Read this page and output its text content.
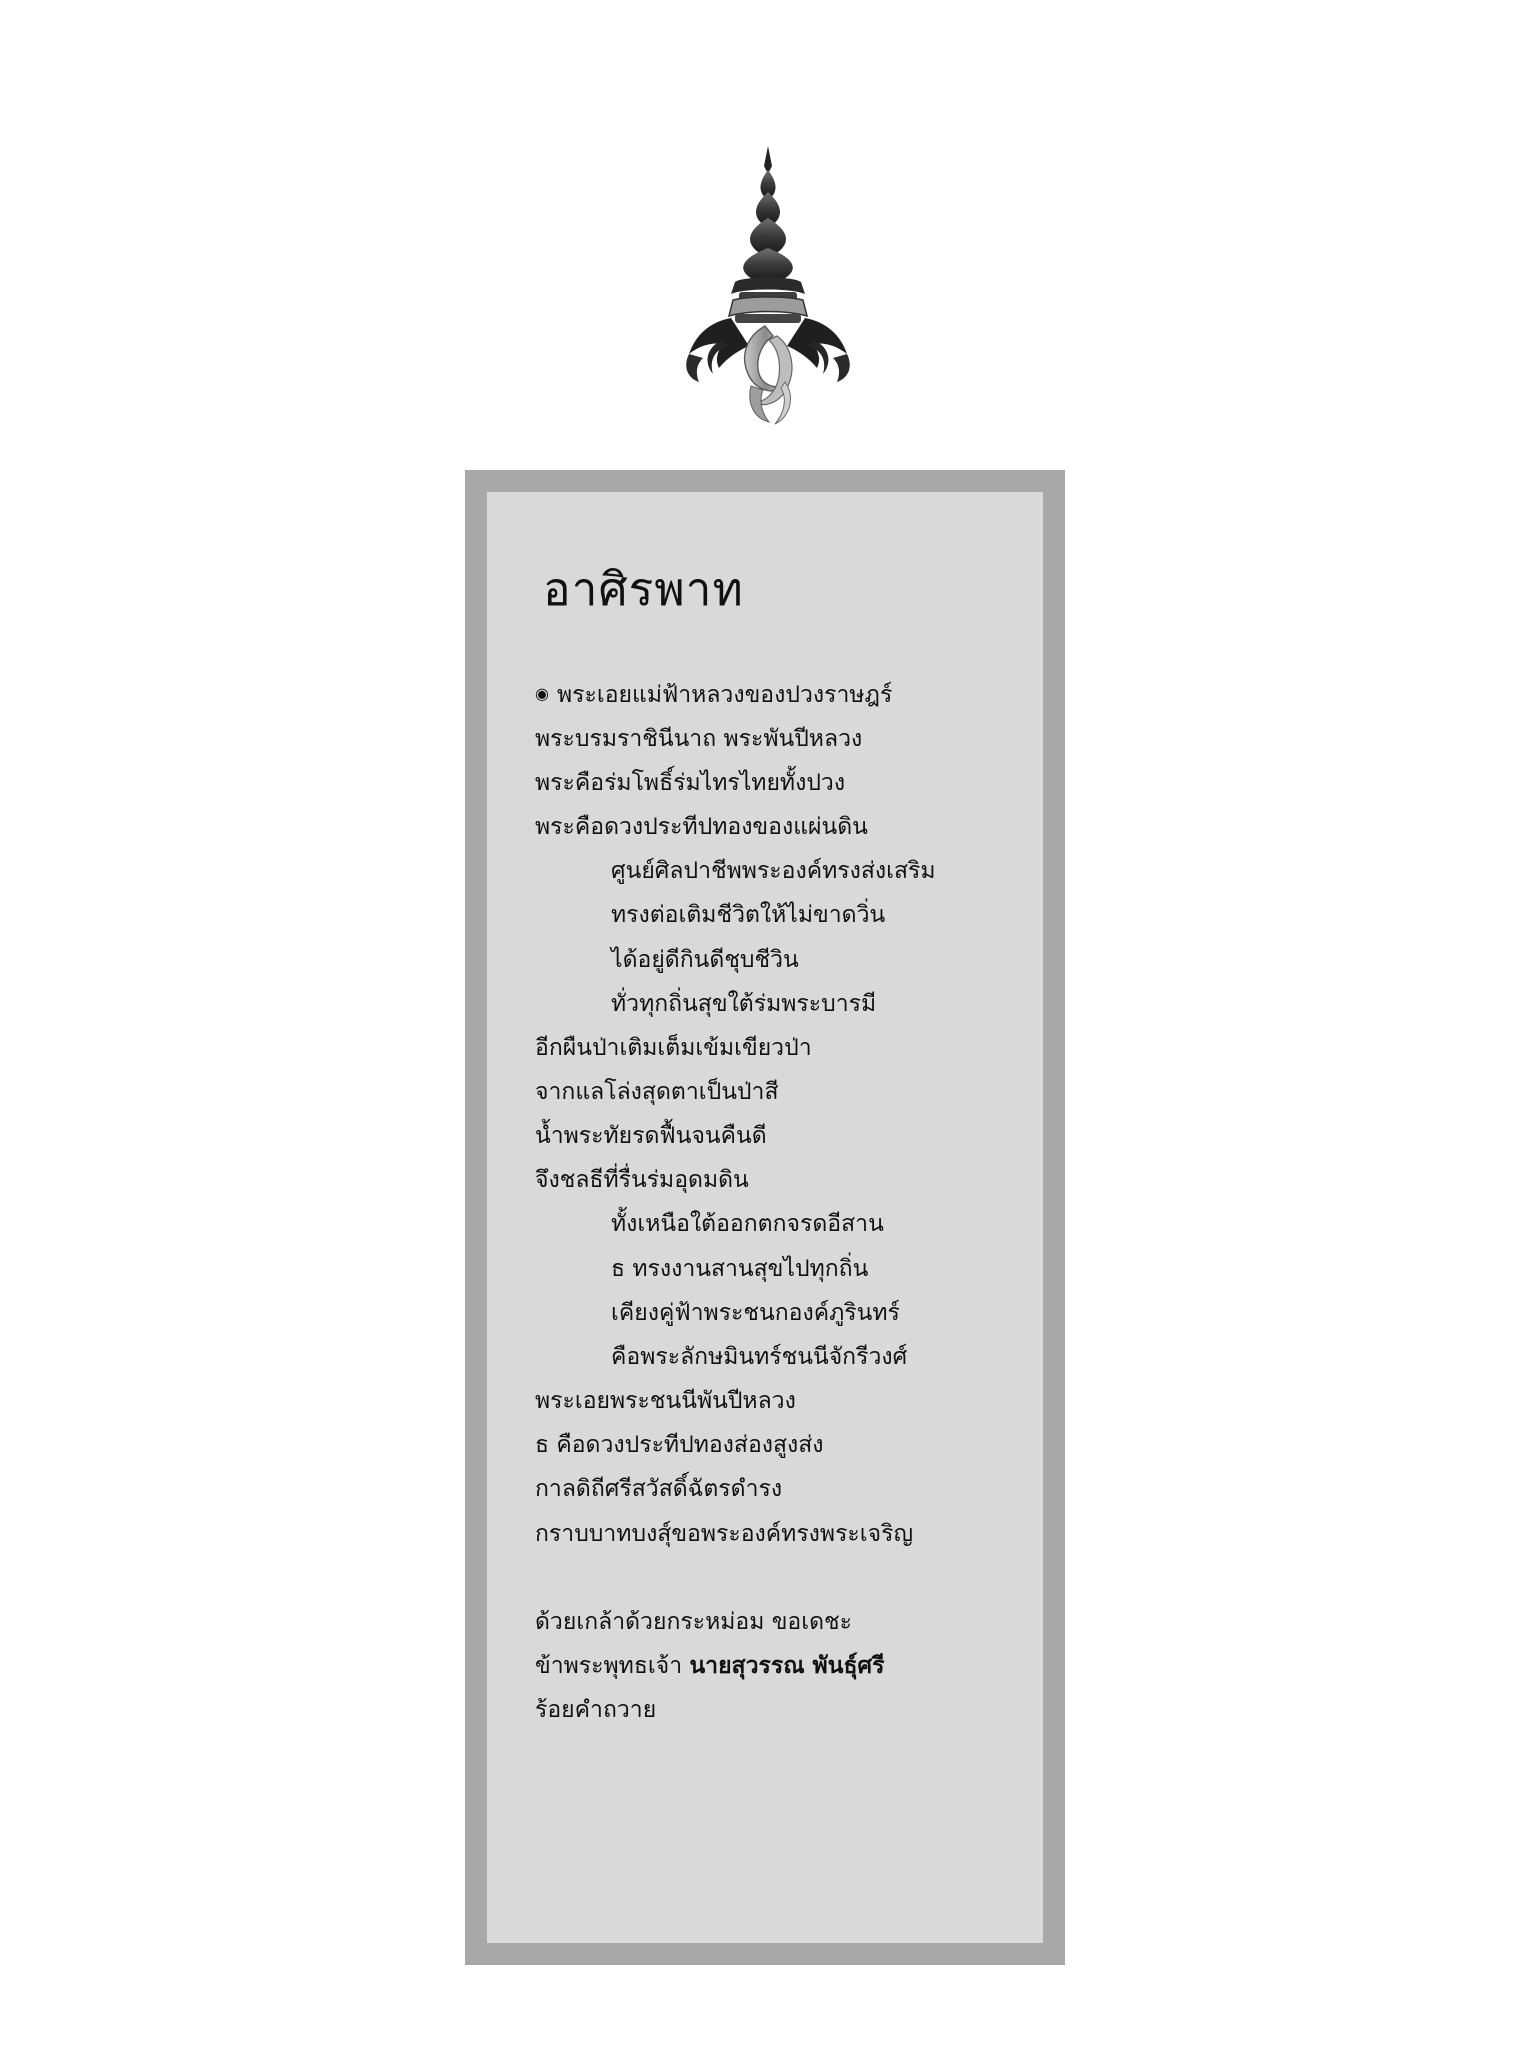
อาศิรพาท
◉ พระเอยแม่ฟ้าหลวงของปวงราษฎร์
พระบรมราชินีนาถ พระพันปีหลวง
พระคือร่มโพธิ์ร่มไทรไทยทั้งปวง
พระคือดวงประทีปทองของแผ่นดิน
ศูนย์ศิลปาชีพพระองค์ทรงส่งเสริม
ทรงต่อเติมชีวิตให้ไม่ขาดวิ่น
ได้อยู่ดีกินดีชุบชีวิน
ทั่วทุกถิ่นสุขใต้ร่มพระบารมี
อีกผืนป่าเติมเต็มเข้มเขียวป่า
จากแลโล่งสุดตาเป็นป่าสี
น้ำพระทัยรดฟื้นจนคืนดี
จึงชลธีที่รื่นร่มอุดมดิน
ทั้งเหนือใต้ออกตกจรดอีสาน
ธ ทรงงานสานสุขไปทุกถิ่น
เคียงคู่ฟ้าพระชนกองค์ภูรินทร์
คือพระลักษมินทร์ชนนีจักรีวงศ์
พระเอยพระชนนีพันปีหลวง
ธ คือดวงประทีปทองส่องสูงส่ง
กาลดิถีศรีสวัสดิ์ฉัตรดำรง
กราบบาทบงสุ์ขอพระองค์ทรงพระเจริญ
ด้วยเกล้าด้วยกระหม่อม ขอเดชะ
ข้าพระพุทธเจ้า นายสุวรรณ พันธุ์ศรี
ร้อยคำถวาย
